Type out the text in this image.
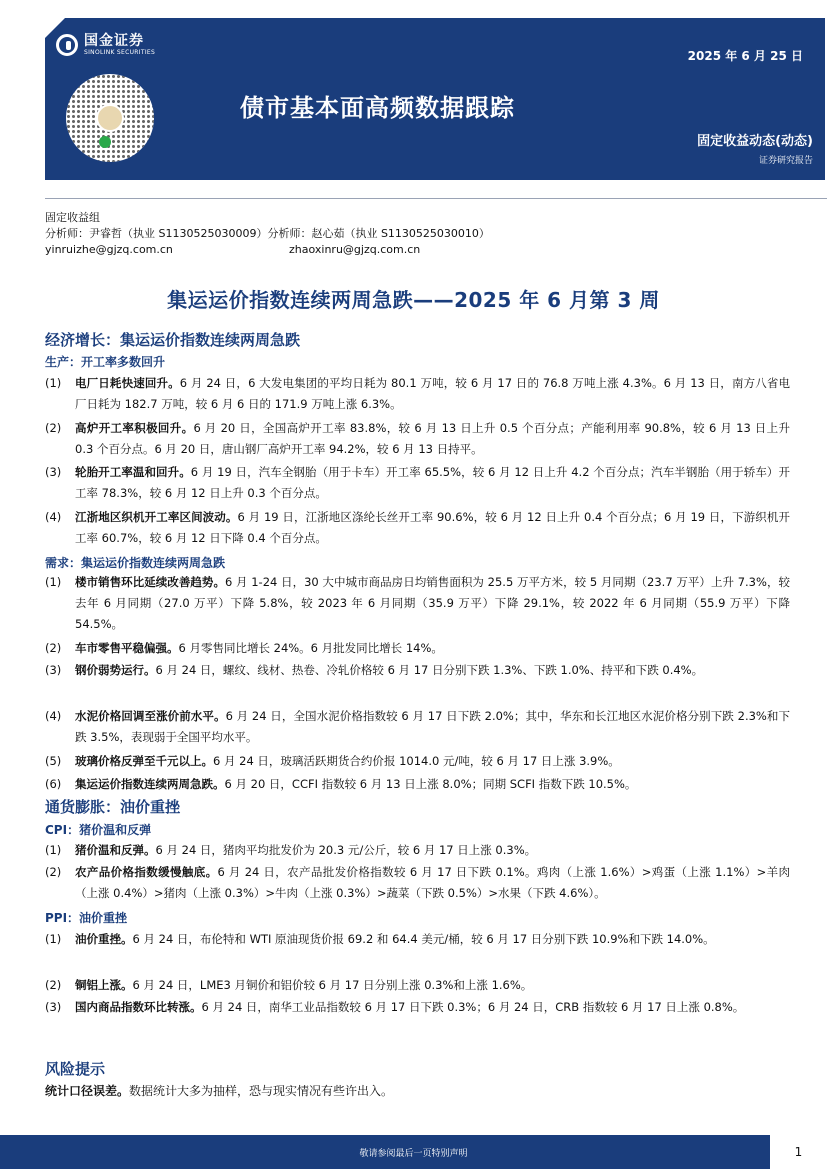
国金证券
SINOLINK SECURITIES	2025 年 6 月 25 日
债市基本面高频数据跟踪
固定收益动态(动态)
证券研究报告
固定收益组
分析师：尹睿哲（执业 S1130525030009）分析师：赵心茹（执业 S1130525030010）
yinruizhe@gjzq.com.cn	zhaoxinru@gjzq.com.cn
集运运价指数连续两周急跌——2025 年 6 月第 3 周
经济增长：集运运价指数连续两周急跌
生产：开工率多数回升
(1) 电厂日耗快速回升。6 月 24 日，6 大发电集团的平均日耗为 80.1 万吨，较 6 月 17 日的 76.8 万吨上涨 4.3%。6 月 13 日，南方八省电厂日耗为 182.7 万吨，较 6 月 6 日的 171.9 万吨上涨 6.3%。
(2) 高炉开工率积极回升。6 月 20 日，全国高炉开工率 83.8%，较 6 月 13 日上升 0.5 个百分点；产能利用率 90.8%，较 6 月 13 日上升 0.3 个百分点。6 月 20 日，唐山钢厂高炉开工率 94.2%，较 6 月 13 日持平。
(3) 轮胎开工率温和回升。6 月 19 日，汽车全钢胎（用于卡车）开工率 65.5%，较 6 月 12 日上升 4.2 个百分点；汽车半钢胎（用于轿车）开工率 78.3%，较 6 月 12 日上升 0.3 个百分点。
(4) 江浙地区织机开工率区间波动。6 月 19 日，江浙地区涤纶长丝开工率 90.6%，较 6 月 12 日上升 0.4 个百分点；6 月 19 日，下游织机开工率 60.7%，较 6 月 12 日下降 0.4 个百分点。
需求：集运运价指数连续两周急跌
(1) 楼市销售环比延续改善趋势。6 月 1-24 日，30 大中城市商品房日均销售面积为 25.5 万平方米，较 5 月同期（23.7 万平）上升 7.3%，较去年 6 月同期（27.0 万平）下降 5.8%，较 2023 年 6 月同期（35.9 万平）下降 29.1%，较 2022 年 6 月同期（55.9 万平）下降 54.5%。
(2) 车市零售平稳偏强。6 月零售同比增长 24%。6 月批发同比增长 14%。
(3) 钢价弱势运行。6 月 24 日，螺纹、线材、热卷、冷轧价格较 6 月 17 日分别下跌 1.3%、下跌 1.0%、持平和下跌 0.4%。
(4) 水泥价格回调至涨价前水平。6 月 24 日，全国水泥价格指数较 6 月 17 日下跌 2.0%；其中，华东和长江地区水泥价格分别下跌 2.3%和下跌 3.5%，表现弱于全国平均水平。
(5) 玻璃价格反弹至千元以上。6 月 24 日，玻璃活跃期货合约价报 1014.0 元/吨，较 6 月 17 日上涨 3.9%。
(6) 集运运价指数连续两周急跌。6 月 20 日，CCFI 指数较 6 月 13 日上涨 8.0%；同期 SCFI 指数下跌 10.5%。
通货膨胀：油价重挫
CPI：猪价温和反弹
(1) 猪价温和反弹。6 月 24 日，猪肉平均批发价为 20.3 元/公斤，较 6 月 17 日上涨 0.3%。
(2) 农产品价格指数缓慢触底。6 月 24 日，农产品批发价格指数较 6 月 17 日下跌 0.1%。鸡肉（上涨 1.6%）>鸡蛋（上涨 1.1%）>羊肉（上涨 0.4%）>猪肉（上涨 0.3%）>牛肉（上涨 0.3%）>蔬菜（下跌 0.5%）>水果（下跌 4.6%）。
PPI：油价重挫
(1) 油价重挫。6 月 24 日，布伦特和 WTI 原油现货价报 69.2 和 64.4 美元/桶，较 6 月 17 日分别下跌 10.9%和下跌 14.0%。
(2) 铜铝上涨。6 月 24 日，LME3 月铜价和铝价较 6 月 17 日分别上涨 0.3%和上涨 1.6%。
(3) 国内商品指数环比转涨。6 月 24 日，南华工业品指数较 6 月 17 日下跌 0.3%；6 月 24 日，CRB 指数较 6 月 17 日上涨 0.8%。
风险提示
统计口径误差。数据统计大多为抽样，恐与现实情况有些许出入。
敬请参阅最后一页特别声明	1
